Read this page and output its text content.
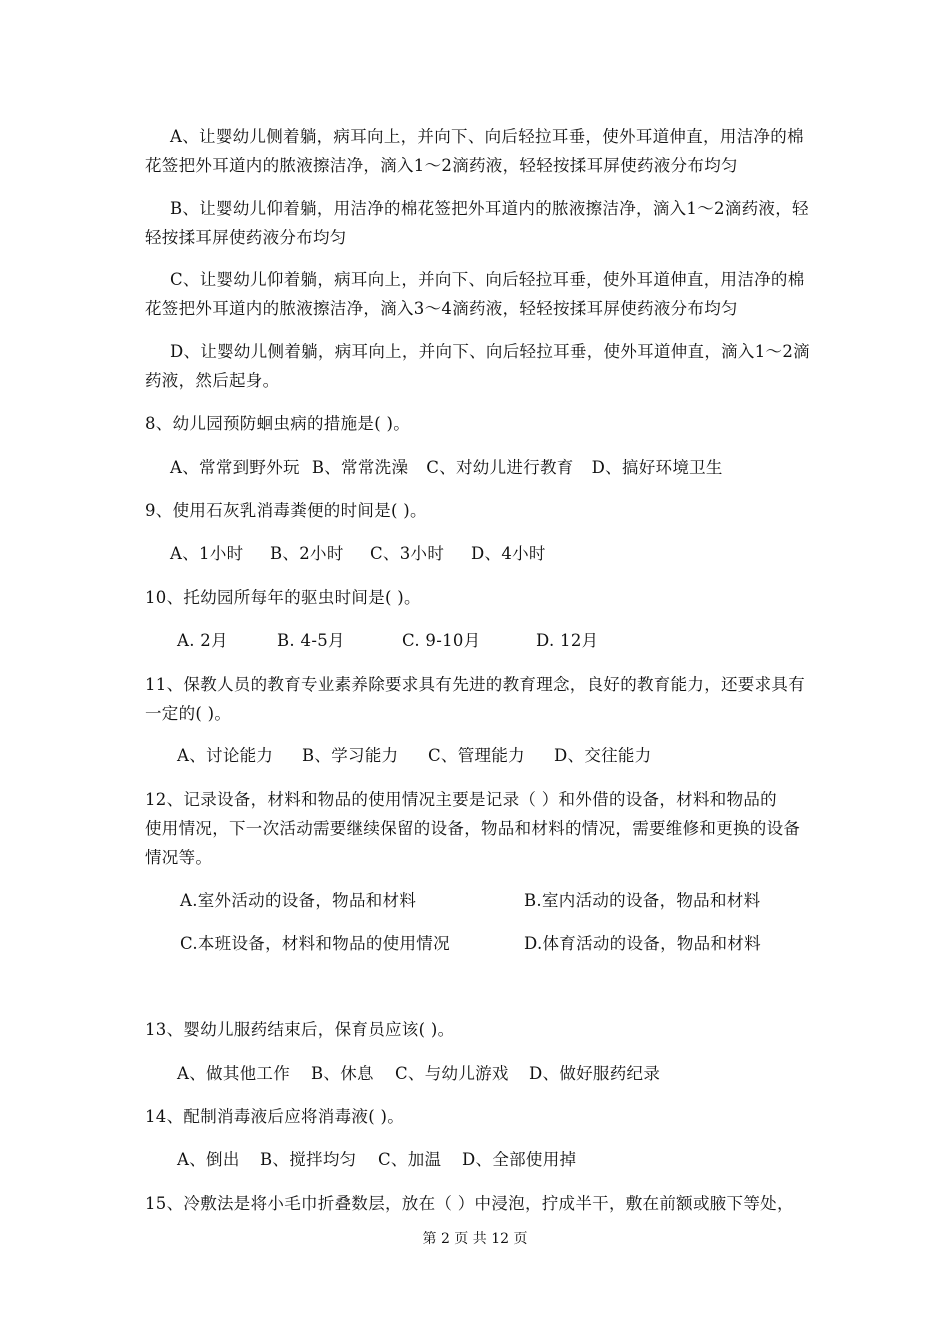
A、让婴幼儿侧着躺，病耳向上，并向下、向后轻拉耳垂，使外耳道伸直，用洁净的棉
花签把外耳道内的脓液擦洁净，滴入1～2滴药液，轻轻按揉耳屏使药液分布均匀
B、让婴幼儿仰着躺，用洁净的棉花签把外耳道内的脓液擦洁净，滴入1～2滴药液，轻
轻按揉耳屏使药液分布均匀
C、让婴幼儿仰着躺，病耳向上，并向下、向后轻拉耳垂，使外耳道伸直，用洁净的棉
花签把外耳道内的脓液擦洁净，滴入3～4滴药液，轻轻按揉耳屏使药液分布均匀
D、让婴幼儿侧着躺，病耳向上，并向下、向后轻拉耳垂，使外耳道伸直，滴入1～2滴
药液，然后起身。
8、幼儿园预防蛔虫病的措施是( )。
A、常常到野外玩 B、常常洗澡 C、对幼儿进行教育 D、搞好环境卫生
9、使用石灰乳消毒粪便的时间是( )。
A、1小时 B、2小时 C、3小时 D、4小时
10、托幼园所每年的驱虫时间是( )。
A. 2月	B. 4-5月	C. 9-10月	D. 12月
11、保教人员的教育专业素养除要求具有先进的教育理念，良好的教育能力，还要求具有
一定的( )。
A、讨论能力 B、学习能力 C、管理能力 D、交往能力
12、记录设备，材料和物品的使用情况主要是记录（ ）和外借的设备，材料和物品的
使用情况，下一次活动需要继续保留的设备，物品和材料的情况，需要维修和更换的设备
情况等。
A.室外活动的设备，物品和材料	B.室内活动的设备，物品和材料
C.本班设备，材料和物品的使用情况	D.体育活动的设备，物品和材料
13、婴幼儿服药结束后，保育员应该( )。
A、做其他工作 B、休息 C、与幼儿游戏 D、做好服药纪录
14、配制消毒液后应将消毒液( )。
A、倒出 B、搅拌均匀 C、加温 D、全部使用掉
15、冷敷法是将小毛巾折叠数层，放在（ ）中浸泡，拧成半干，敷在前额或腋下等处，
第 2 页 共 12 页
